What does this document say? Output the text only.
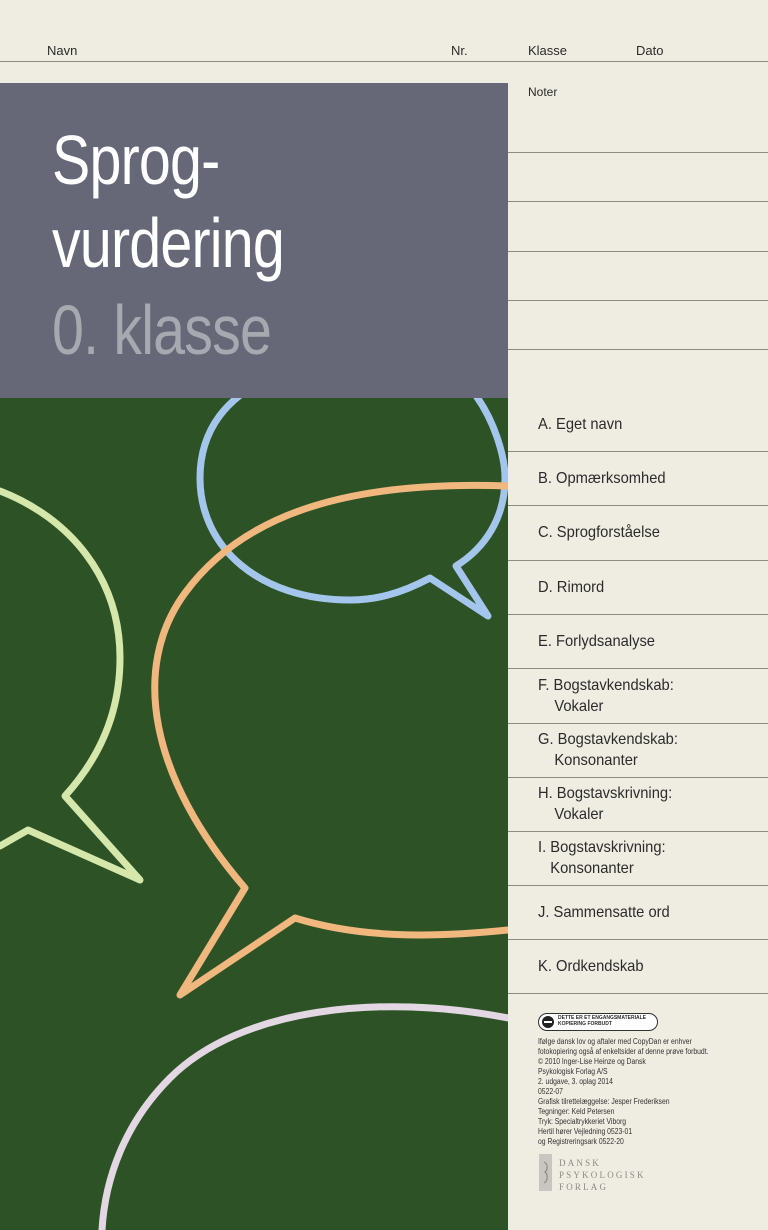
Navn	Nr.	Klasse	Dato
Sprog-
vurdering
0. klasse
Noter
A. Eget navn
B. Opmærksomhed
C. Sprogforståelse
D. Rimord
E. Forlydsanalyse
F. Bogstavkendskab:
Vokaler
G. Bogstavkendskab:
Konsonanter
H. Bogstavskrivning:
Vokaler
I. Bogstavskrivning:
Konsonanter
J. Sammensatte ord
K. Ordkendskab
DETTE ER ET ENGANGSMATERIALE
KOPIERING FORBUDT
Ifølge dansk lov og aftaler med CopyDan er enhver
fotokopiering også af enkeltsider af denne prøve forbudt.
© 2010 Inger-Lise Heinze og Dansk
Psykologisk Forlag A/S
2. udgave, 3. oplag 2014
0522-07
Grafisk tilrettelæggelse: Jesper Frederiksen
Tegninger: Keld Petersen
Tryk: Specialtrykkeriet Viborg
Hertil hører Vejledning 0523-01
og Registreringsark 0522-20
DANSK
PSYKOLOGISK
FORLAG
